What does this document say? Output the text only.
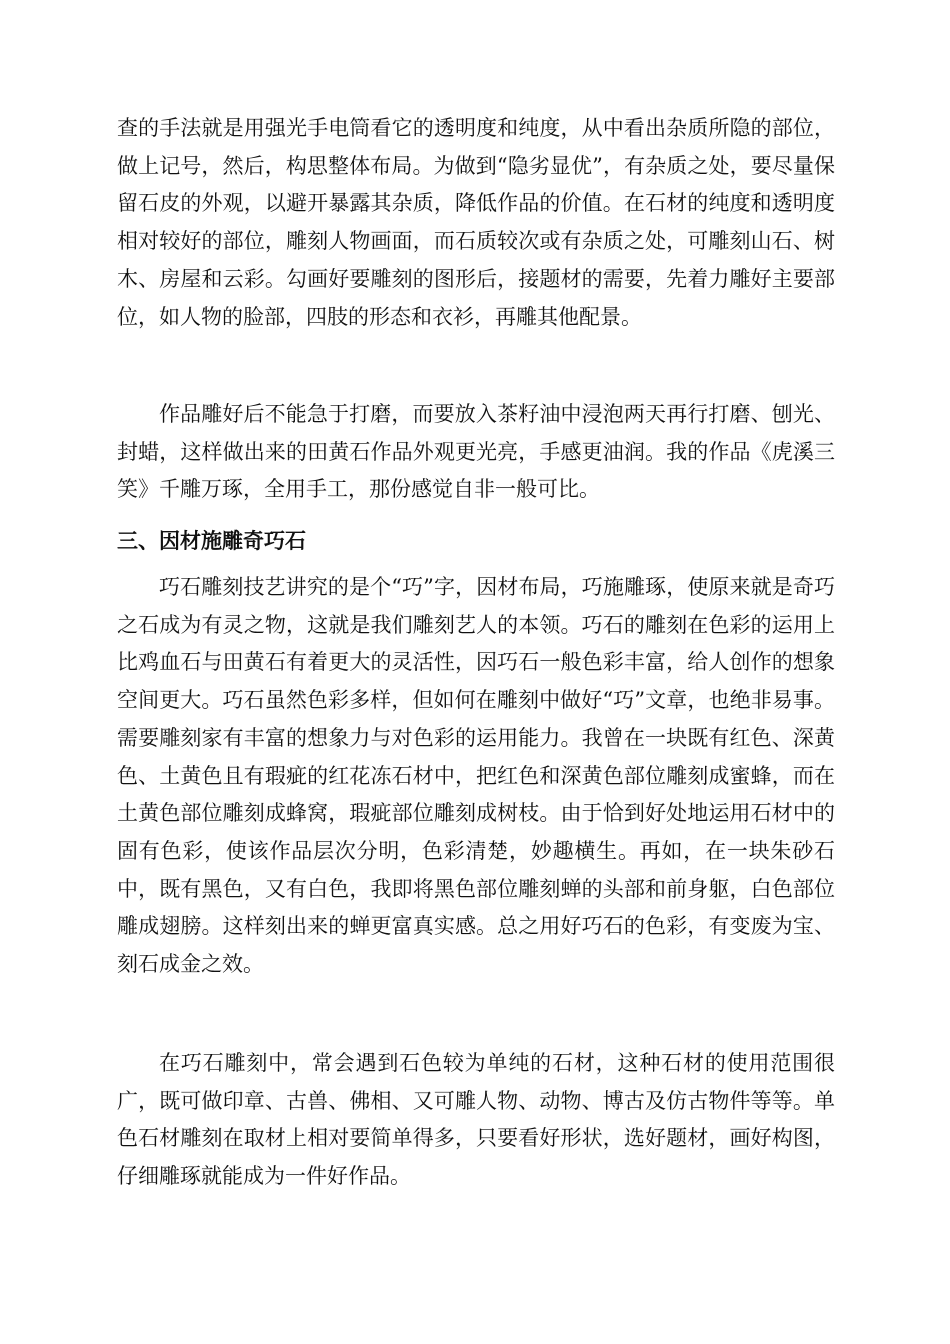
查的手法就是用强光手电筒看它的透明度和纯度，从中看出杂质所隐的部位，做上记号，然后，构思整体布局。为做到“隐劣显优”，有杂质之处，要尽量保留石皮的外观，以避开暴露其杂质，降低作品的价值。在石材的纯度和透明度相对较好的部位，雕刻人物画面，而石质较次或有杂质之处，可雕刻山石、树木、房屋和云彩。勾画好要雕刻的图形后，接题材的需要，先着力雕好主要部位，如人物的脸部，四肢的形态和衣衫，再雕其他配景。

作品雕好后不能急于打磨，而要放入茶籽油中浸泡两天再行打磨、刨光、封蜡，这样做出来的田黄石作品外观更光亮，手感更油润。我的作品《虎溪三笑》千雕万琢，全用手工，那份感觉自非一般可比。

三、因材施雕奇巧石

巧石雕刻技艺讲究的是个“巧”字，因材布局，巧施雕琢，使原来就是奇巧之石成为有灵之物，这就是我们雕刻艺人的本领。巧石的雕刻在色彩的运用上比鸡血石与田黄石有着更大的灵活性，因巧石一般色彩丰富，给人创作的想象空间更大。巧石虽然色彩多样，但如何在雕刻中做好“巧”文章，也绝非易事。需要雕刻家有丰富的想象力与对色彩的运用能力。我曾在一块既有红色、深黄色、土黄色且有瑕疵的红花冻石材中，把红色和深黄色部位雕刻成蜜蜂，而在土黄色部位雕刻成蜂窝，瑕疵部位雕刻成树枝。由于恰到好处地运用石材中的固有色彩，使该作品层次分明，色彩清楚，妙趣横生。再如，在一块朱砂石中，既有黑色，又有白色，我即将黑色部位雕刻蝉的头部和前身躯，白色部位雕成翅膀。这样刻出来的蝉更富真实感。总之用好巧石的色彩，有变废为宝、刻石成金之效。

在巧石雕刻中，常会遇到石色较为单纯的石材，这种石材的使用范围很广，既可做印章、古兽、佛相、又可雕人物、动物、博古及仿古物件等等。单色石材雕刻在取材上相对要简单得多，只要看好形状，选好题材，画好构图，仔细雕琢就能成为一件好作品。
